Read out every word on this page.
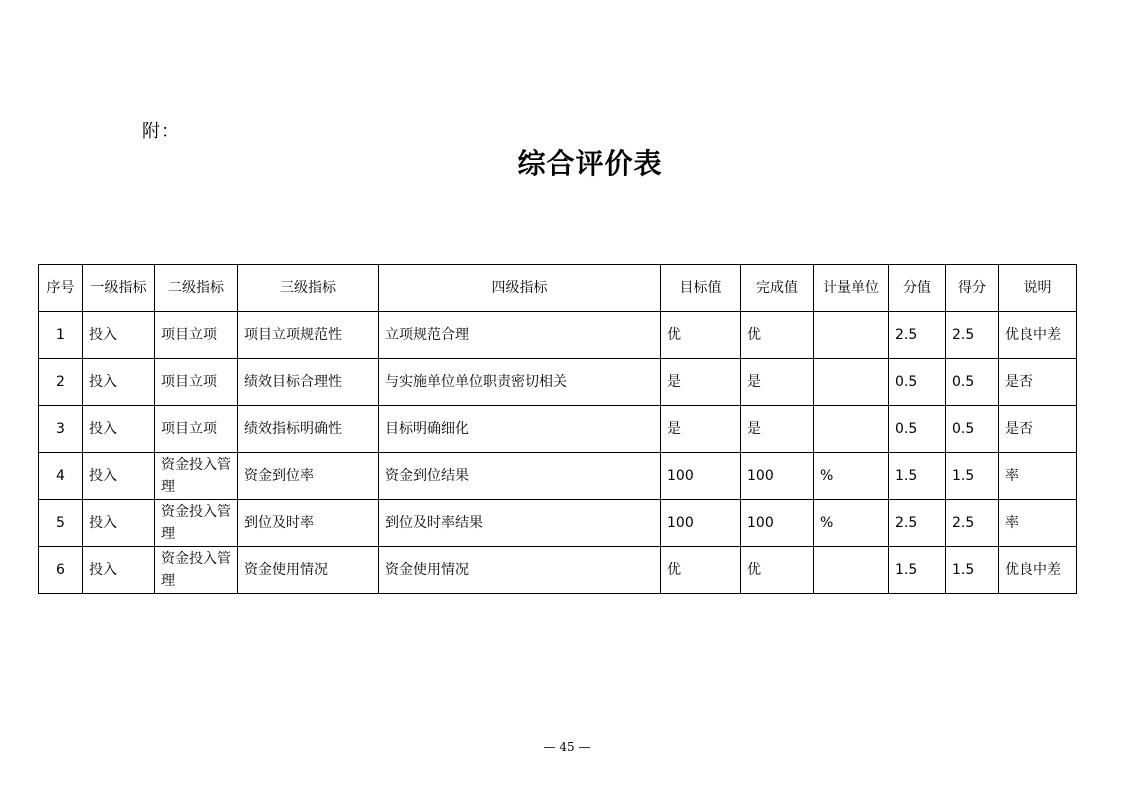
附：
综合评价表
序号	一级指标	二级指标	三级指标	四级指标	目标值	完成值	计量单位	分值	得分	说明
1	投入	项目立项	项目立项规范性	立项规范合理	优	优		2.5	2.5	优良中差
2	投入	项目立项	绩效目标合理性	与实施单位单位职责密切相关	是	是		0.5	0.5	是否
3	投入	项目立项	绩效指标明确性	目标明确细化	是	是		0.5	0.5	是否
4	投入	资金投入管理	资金到位率	资金到位结果	100	100	%	1.5	1.5	率
5	投入	资金投入管理	到位及时率	到位及时率结果	100	100	%	2.5	2.5	率
6	投入	资金投入管理	资金使用情况	资金使用情况	优	优		1.5	1.5	优良中差
— 45 —
